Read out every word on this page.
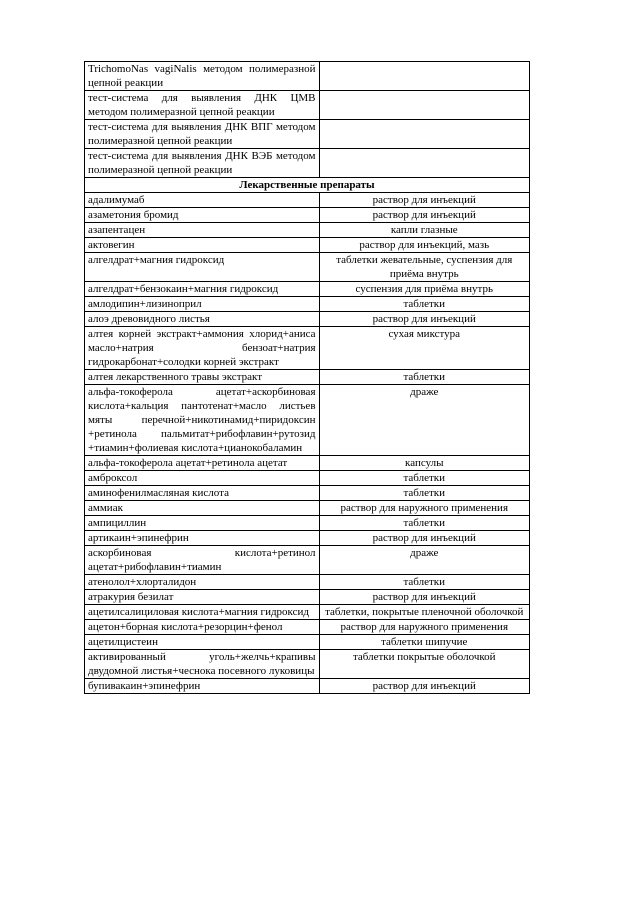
TrichomoNas vagiNalis методом полимеразной цепной реакции	
тест-система для выявления ДНК ЦМВ методом полимеразной цепной реакции	
тест-система для выявления ДНК ВПГ методом полимеразной цепной реакции	
тест-система для выявления ДНК ВЭБ методом полимеразной цепной реакции	
Лекарственные препараты	
адалимумаб	раствор для инъекций
азаметония бромид	раствор для инъекций
азапентацен	капли глазные
актовегин	раствор для инъекций, мазь
алгелдрат+магния гидроксид	таблетки жевательные, суспензия для приёма внутрь
алгелдрат+бензокаин+магния гидроксид	суспензия для приёма внутрь
амлодипин+лизиноприл	таблетки
алоэ древовидного листья	раствор для инъекций
алтея корней экстракт+аммония хлорид+аниса масло+натрия бензоат+натрия гидрокарбонат+солодки корней экстракт	сухая микстура
алтея лекарственного травы экстракт	таблетки
альфа-токоферола ацетат+аскорбиновая кислота+кальция пантотенат+масло листьев мяты перечной+никотинамид+пиридоксин +ретинола пальмитат+рибофлавин+рутозид +тиамин+фолиевая кислота+цианокобаламин	драже
альфа-токоферола ацетат+ретинола ацетат	капсулы
амброксол	таблетки
аминофенилмасляная кислота	таблетки
аммиак	раствор для наружного применения
ампициллин	таблетки
артикаин+эпинефрин	раствор для инъекций
аскорбиновая кислота+ретинол ацетат+рибофлавин+тиамин	драже
атенолол+хлорталидон	таблетки
атракурия безилат	раствор для инъекций
ацетилсалициловая кислота+магния гидроксид	таблетки, покрытые пленочной оболочкой
ацетон+борная кислота+резорцин+фенол	раствор для наружного применения
ацетилцистеин	таблетки шипучие
активированный уголь+желчь+крапивы двудомной листья+чеснока посевного луковицы	таблетки покрытые оболочкой
бупивакаин+эпинефрин	раствор для инъекций
